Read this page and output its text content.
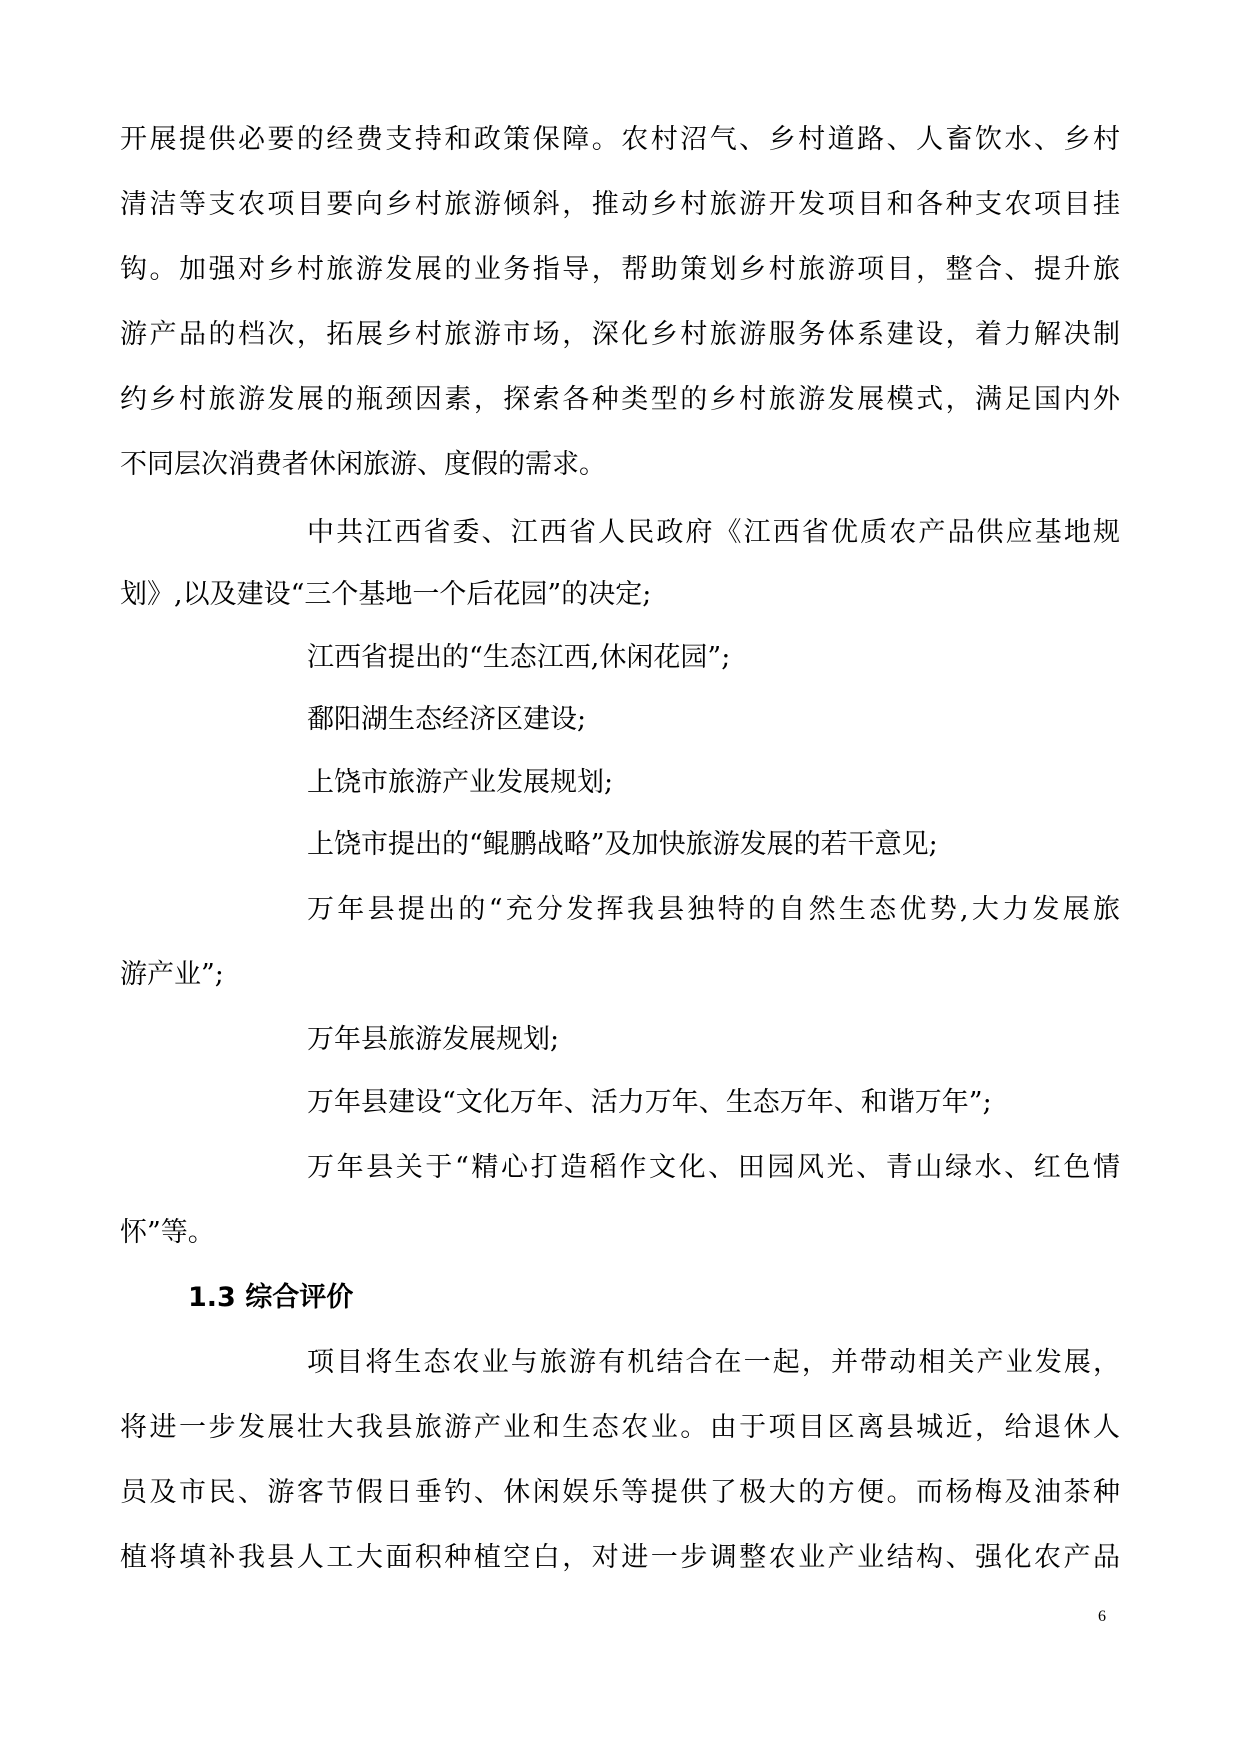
开展提供必要的经费支持和政策保障。农村沼气、乡村道路、人畜饮水、乡村
清洁等支农项目要向乡村旅游倾斜，推动乡村旅游开发项目和各种支农项目挂
钩。加强对乡村旅游发展的业务指导，帮助策划乡村旅游项目，整合、提升旅
游产品的档次，拓展乡村旅游市场，深化乡村旅游服务体系建设，着力解决制
约乡村旅游发展的瓶颈因素，探索各种类型的乡村旅游发展模式，满足国内外
不同层次消费者休闲旅游、度假的需求。
中共江西省委、江西省人民政府《江西省优质农产品供应基地规
划》,以及建设“三个基地一个后花园”的决定;
江西省提出的“生态江西,休闲花园”;
鄱阳湖生态经济区建设;
上饶市旅游产业发展规划;
上饶市提出的“鲲鹏战略”及加快旅游发展的若干意见;
万年县提出的“充分发挥我县独特的自然生态优势,大力发展旅
游产业”;
万年县旅游发展规划;
万年县建设“文化万年、活力万年、生态万年、和谐万年”;
万年县关于“精心打造稻作文化、田园风光、青山绿水、红色情
怀”等。
1.3 综合评价
项目将生态农业与旅游有机结合在一起，并带动相关产业发展，
将进一步发展壮大我县旅游产业和生态农业。由于项目区离县城近，给退休人
员及市民、游客节假日垂钓、休闲娱乐等提供了极大的方便。而杨梅及油茶种
植将填补我县人工大面积种植空白，对进一步调整农业产业结构、强化农产品
6
